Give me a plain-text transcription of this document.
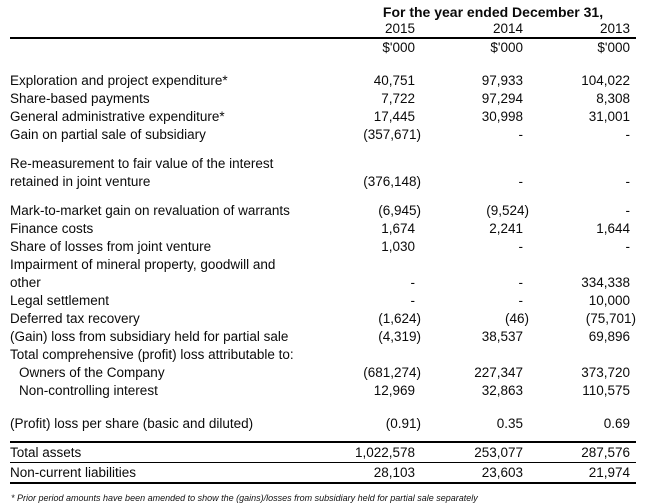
	For the year ended December 31,		
	2015	2014	2013
	$'000	$'000	$'000

Exploration and project expenditure*	40,751	97,933	104,022
Share-based payments	7,722	97,294	8,308
General administrative expenditure*	17,445	30,998	31,001
Gain on partial sale of subsidiary	(357,671)	-	-

Re-measurement to fair value of the interest
retained in joint venture	(376,148)	-	-

Mark-to-market gain on revaluation of warrants	(6,945)	(9,524)	-
Finance costs	1,674	2,241	1,644
Share of losses from joint venture	1,030	-	-
Impairment of mineral property, goodwill and
other	-	-	334,338
Legal settlement	-	-	10,000
Deferred tax recovery	(1,624)	(46)	(75,701)
(Gain) loss from subsidiary held for partial sale	(4,319)	38,537	69,896
Total comprehensive (profit) loss attributable to:			
Owners of the Company	(681,274)	227,347	373,720
Non-controlling interest	12,969	32,863	110,575

(Profit) loss per share (basic and diluted)	(0.91)	0.35	0.69

Total assets	1,022,578	253,077	287,576
Non-current liabilities	28,103	23,603	21,974
* Prior period amounts have been amended to show the (gains)/losses from subsidiary held for partial sale separately
